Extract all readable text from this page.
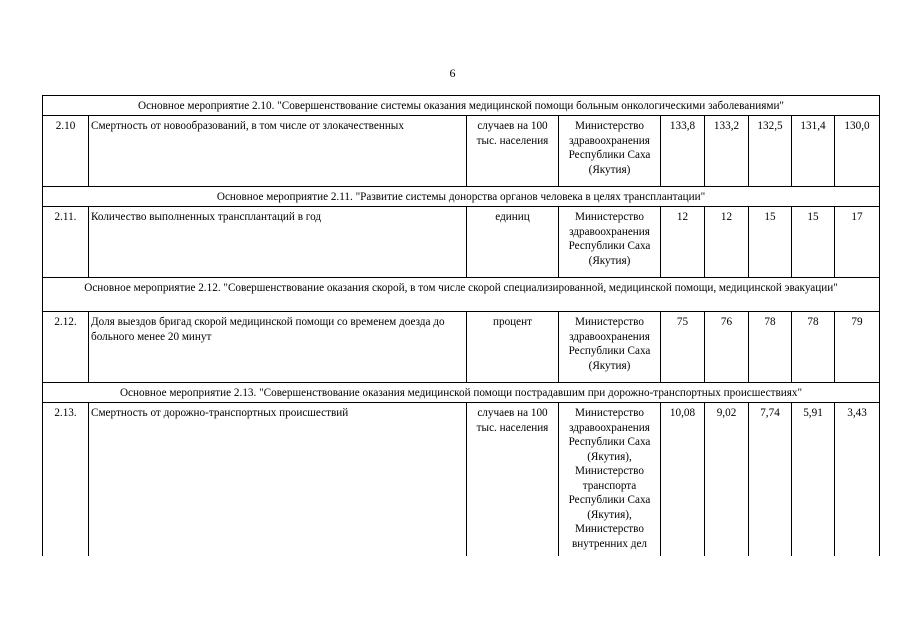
6
Основное мероприятие 2.10. "Совершенствование системы оказания медицинской помощи больным онкологическими заболеваниями"								
2.10	Смертность от новообразований, в том числе от злокачественных	случаев на 100 тыс. населения	Министерство здравоохранения Республики Саха (Якутия)	133,8	133,2	132,5	131,4	130,0
Основное мероприятие 2.11. "Развитие системы донорства органов человека в целях трансплантации"								
2.11.	Количество выполненных трансплантаций в год	единиц	Министерство здравоохранения Республики Саха (Якутия)	12	12	15	15	17
Основное мероприятие 2.12. "Совершенствование оказания скорой, в том числе скорой специализированной, медицинской помощи, медицинской эвакуации"								
2.12.	Доля выездов бригад скорой медицинской помощи со временем доезда до больного менее 20 минут	процент	Министерство здравоохранения Республики Саха (Якутия)	75	76	78	78	79
Основное мероприятие 2.13. "Совершенствование оказания медицинской помощи пострадавшим при дорожно-транспортных происшествиях"								
2.13.	Смертность от дорожно-транспортных происшествий	случаев на 100 тыс. населения	Министерство здравоохранения Республики Саха (Якутия), Министерство транспорта Республики Саха (Якутия), Министерство внутренних дел	10,08	9,02	7,74	5,91	3,43
